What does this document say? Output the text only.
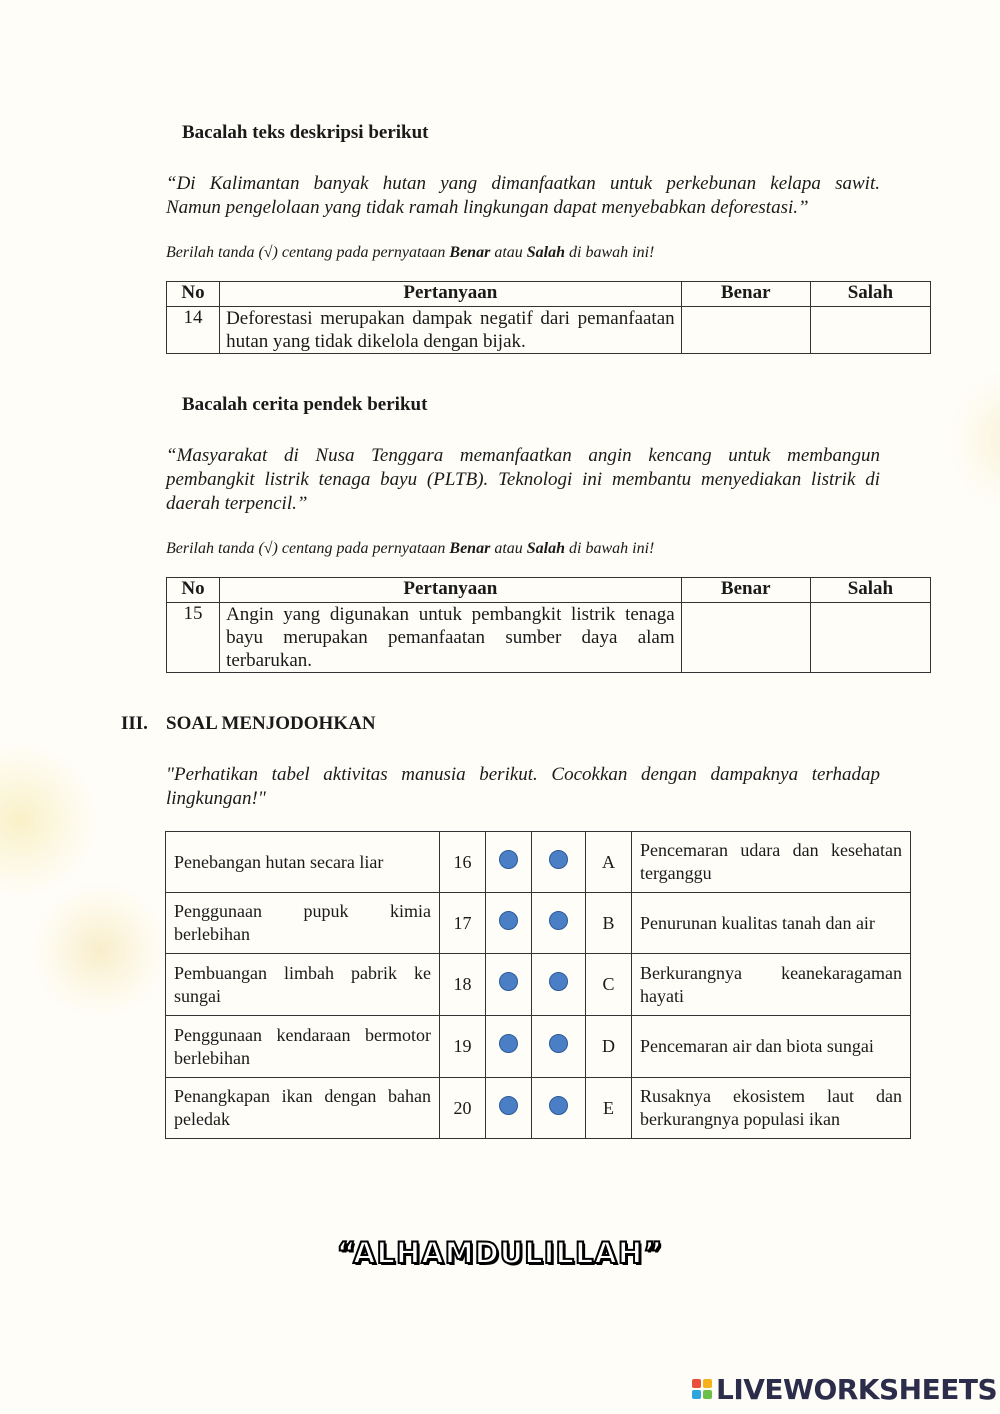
Bacalah teks deskripsi berikut
“Di Kalimantan banyak hutan yang dimanfaatkan untuk perkebunan kelapa sawit.
Namun pengelolaan yang tidak ramah lingkungan dapat menyebabkan deforestasi.”
Berilah tanda (√) centang pada pernyataan Benar atau Salah di bawah ini!
No	Pertanyaan	Benar	Salah
14	Deforestasi merupakan dampak negatif dari pemanfaatan hutan yang tidak dikelola dengan bijak.		
Bacalah cerita pendek berikut
“Masyarakat di Nusa Tenggara memanfaatkan angin kencang untuk membangun
pembangkit listrik tenaga bayu (PLTB). Teknologi ini membantu menyediakan listrik di
daerah terpencil.”
Berilah tanda (√) centang pada pernyataan Benar atau Salah di bawah ini!
No	Pertanyaan	Benar	Salah
15	Angin yang digunakan untuk pembangkit listrik tenaga bayu merupakan pemanfaatan sumber daya alam terbarukan.		
III. SOAL MENJODOHKAN
"Perhatikan tabel aktivitas manusia berikut. Cocokkan dengan dampaknya terhadap
lingkungan!"
Penebangan hutan secara liar	16			A	Pencemaran udara dan kesehatan terganggu
Penggunaan pupuk kimia berlebihan	17			B	Penurunan kualitas tanah dan air
Pembuangan limbah pabrik ke sungai	18			C	Berkurangnya keanekaragaman hayati
Penggunaan kendaraan bermotor berlebihan	19			D	Pencemaran air dan biota sungai
Penangkapan ikan dengan bahan peledak	20			E	Rusaknya ekosistem laut dan berkurangnya populasi ikan
“ALHAMDULILLAH”
LIVEWORKSHEETS
